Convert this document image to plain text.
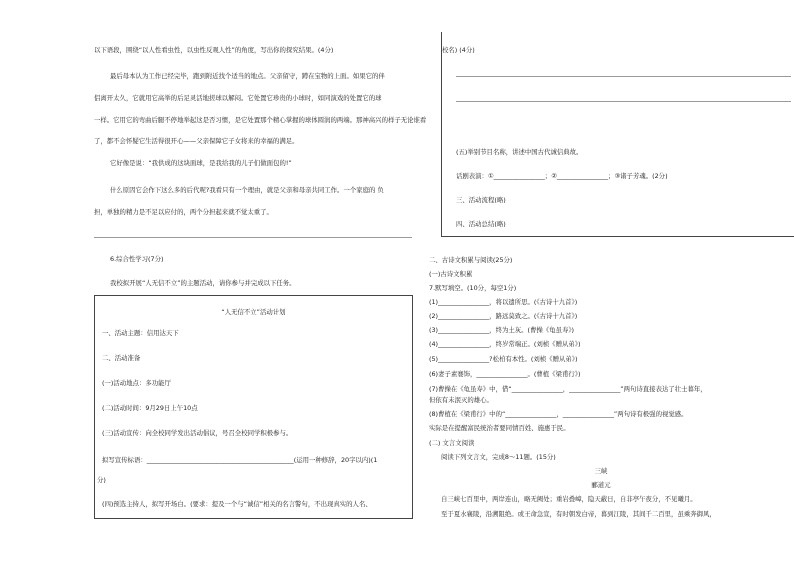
以下语段，围绕“以人性看虫性，以虫性反观人性”的角度，写出你的探究结果。(4分)
最后母本认为工作已经完毕，跑到附近找个适当的地点。父亲留守，蹲在宝物的上面。如果它的伴
侣离开太久，它就用它高举的后足灵活地搓球以解闷。它处置它珍贵的小球时，如同演戏的处置它的球
一样。它用它的弯曲后腿不停地举起这是否习惯，是它处置那个精心掌握的球体圆润的两端。那神高兴的样子无论谁看
了，都不会怀疑它生活得很开心——父亲保障它子女将来的幸福的满足。
它好像是说：“我供成的这块面球，是我给我的儿子们做面包的!”
什么原因它会作下这么多的后代呢?我看只有一个理由，就是父亲和母亲共同工作。一个家庭的 负
担，单独的精力是不足以应付的，两个分担起来就不觉太重了。
6.综合性学习(7分)
我校拟开展“人无信不立”的主题活动，请你参与并完成以下任务。
“人无信不立”活动计划
一、活动主题：信用达天下
二、活动准备
(一)活动地点：多功能厅
(二)活动时间：9月29日上午10点
(三)活动宣传：向全校同学发出活动倡议，号召全校同学积极参与。
拟写宣传标语：______________________________________________(运用一种修辞，20字以内)(1
分)
(四)预选主持人，拟写开场白。(要求：提及一个与“诚信”相关的名言警句，不出现真实的人名、
校名) (4分)
(五)举别节目名称，讲述中国古代诚信典故。
话剧表演：①________________；②________________；③诸子芳魂。(2分)
三、活动流程(略)
四、活动总结(略)
二、古诗文积累与阅读(25分)
(一)古诗文积累
7.默写填空。(10分，每空1分)
(1)________________，将以遗所思。(《古诗十九首》)
(2)________________，路远莫致之。(《古诗十九首》)
(3)________________，终为土灰。(曹操《龟虽寿》)
(4)________________，终岁常端正。(刘桢《赠从弟》)
(5)________________?松柏有本性。(刘桢《赠从弟》)
(6)妻子素褰饰，________________。(曹植《梁甫行》)
(7)曹操在《龟虽寿》中，借“________________，________________”两句诗直接表达了壮士暮年，
但依有未泯灭的雄心。
(8)曹植在《梁甫行》中的“________________，________________”两句诗有极强的视觉感。
实际是在提醒富民统治者要同情百姓、施惠于民。
(二) 文言文阅读
阅读下列文言文，完成8～11题。(15分)
三峡
郦道元
自三峡七百里中，两岸连山，略无阙处；重岩叠嶂，隐天蔽日，自非亭午夜分，不见曦月。
至于夏水襄陵，沿溯阻绝。或王命急宣，有时朝发白帝，暮到江陵，其间千二百里，虽乘奔御风，
